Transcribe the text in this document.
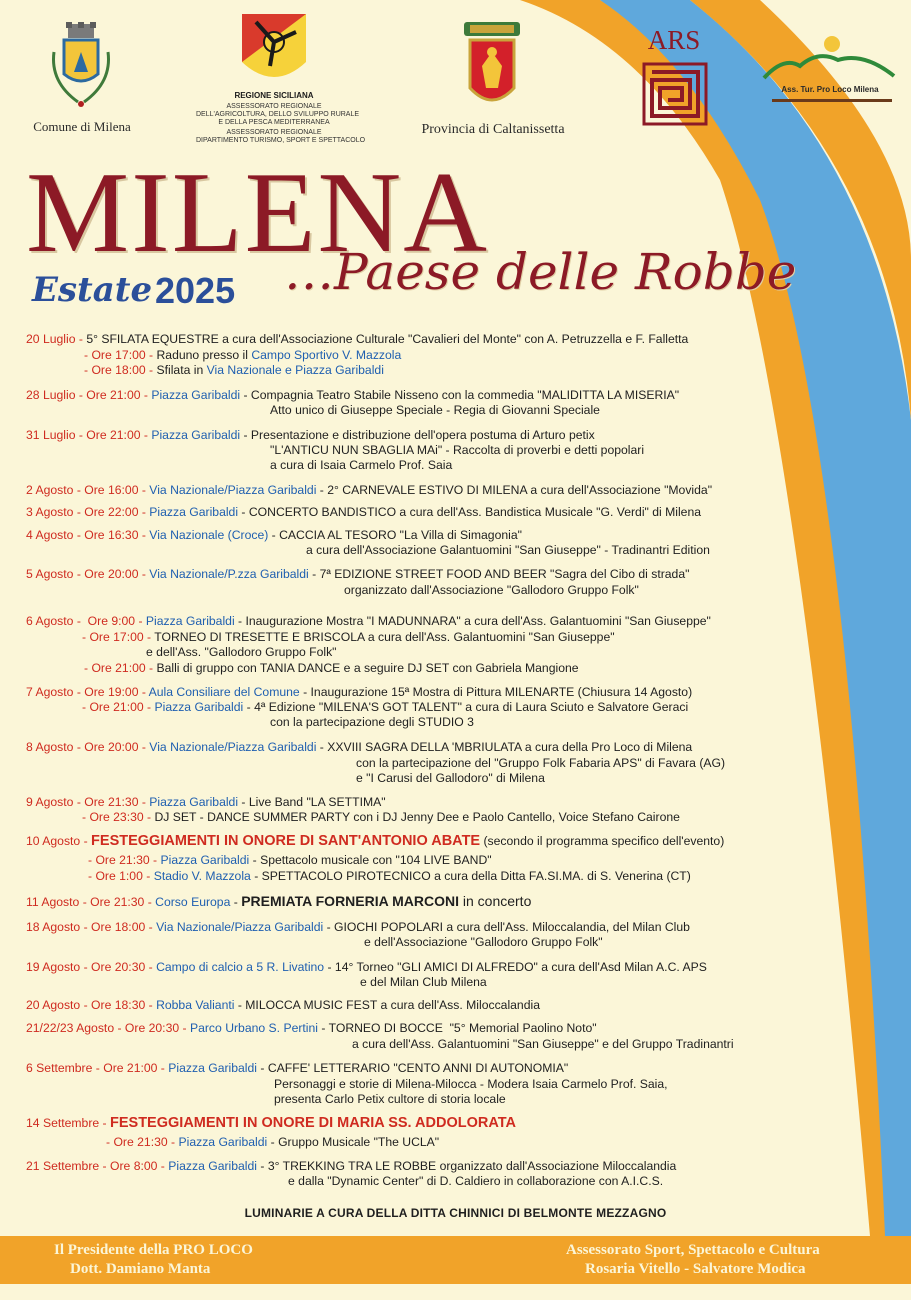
Comune di Milena
REGIONE SICILIANA
ASSESSORATO REGIONALE
DELL'AGRICOLTURA, DELLO SVILUPPO RURALE
E DELLA PESCA MEDITERRANEA
ASSESSORATO REGIONALE
DIPARTIMENTO TURISMO, SPORT E SPETTACOLO
Provincia di Caltanissetta
ARS
Ass. Tur. Pro Loco Milena
MILENA
Estate 2025 …Paese delle Robbe
20 Luglio - 5° SFILATA EQUESTRE a cura dell'Associazione Culturale "Cavalieri del Monte" con A. Petruzzella e F. Falletta
- Ore 17:00 - Raduno presso il Campo Sportivo V. Mazzola
- Ore 18:00 - Sfilata in Via Nazionale e Piazza Garibaldi
28 Luglio - Ore 21:00 - Piazza Garibaldi - Compagnia Teatro Stabile Nisseno con la commedia "MALIDITTA LA MISERIA"
Atto unico di Giuseppe Speciale - Regia di Giovanni Speciale
31 Luglio - Ore 21:00 - Piazza Garibaldi - Presentazione e distribuzione dell'opera postuma di Arturo petix
"L'ANTICU NUN SBAGLIA MAi" - Raccolta di proverbi e detti popolari
a cura di Isaia Carmelo Prof. Saia
2 Agosto - Ore 16:00 - Via Nazionale/Piazza Garibaldi - 2° CARNEVALE ESTIVO DI MILENA a cura dell'Associazione "Movida"
3 Agosto - Ore 22:00 - Piazza Garibaldi - CONCERTO BANDISTICO a cura dell'Ass. Bandistica Musicale "G. Verdi" di Milena
4 Agosto - Ore 16:30 - Via Nazionale (Croce) - CACCIA AL TESORO "La Villa di Simagonia"
a cura dell'Associazione Galantuomini "San Giuseppe" - Tradinantri Edition
5 Agosto - Ore 20:00 - Via Nazionale/P.zza Garibaldi - 7ª EDIZIONE STREET FOOD AND BEER "Sagra del Cibo di strada"
organizzato dall'Associazione "Gallodoro Gruppo Folk"
6 Agosto -  Ore 9:00 - Piazza Garibaldi - Inaugurazione Mostra "I MADUNNARA" a cura dell'Ass. Galantuomini "San Giuseppe"
- Ore 17:00 - TORNEO DI TRESETTE E BRISCOLA a cura dell'Ass. Galantuomini "San Giuseppe"
e dell'Ass. "Gallodoro Gruppo Folk"
- Ore 21:00 - Balli di gruppo con TANIA DANCE e a seguire DJ SET con Gabriela Mangione
7 Agosto - Ore 19:00 - Aula Consiliare del Comune - Inaugurazione 15ª Mostra di Pittura MILENARTE (Chiusura 14 Agosto)
- Ore 21:00 - Piazza Garibaldi - 4ª Edizione "MILENA'S GOT TALENT" a cura di Laura Sciuto e Salvatore Geraci
con la partecipazione degli STUDIO 3
8 Agosto - Ore 20:00 - Via Nazionale/Piazza Garibaldi - XXVIII SAGRA DELLA 'MBRIULATA a cura della Pro Loco di Milena
con la partecipazione del "Gruppo Folk Fabaria APS" di Favara (AG)
e "I Carusi del Gallodoro" di Milena
9 Agosto - Ore 21:30 - Piazza Garibaldi - Live Band "LA SETTIMA"
- Ore 23:30 - DJ SET - DANCE SUMMER PARTY con i DJ Jenny Dee e Paolo Cantello, Voice Stefano Cairone
10 Agosto - FESTEGGIAMENTI IN ONORE DI SANT'ANTONIO ABATE (secondo il programma specifico dell'evento)
- Ore 21:30 - Piazza Garibaldi - Spettacolo musicale con "104 LIVE BAND"
- Ore 1:00 - Stadio V. Mazzola - SPETTACOLO PIROTECNICO a cura della Ditta FA.SI.MA. di S. Venerina (CT)
11 Agosto - Ore 21:30 - Corso Europa - PREMIATA FORNERIA MARCONI in concerto
18 Agosto - Ore 18:00 - Via Nazionale/Piazza Garibaldi - GIOCHI POPOLARI a cura dell'Ass. Miloccalandia, del Milan Club
e dell'Associazione "Gallodoro Gruppo Folk"
19 Agosto - Ore 20:30 - Campo di calcio a 5 R. Livatino - 14° Torneo "GLI AMICI DI ALFREDO" a cura dell'Asd Milan A.C. APS
e del Milan Club Milena
20 Agosto - Ore 18:30 - Robba Valianti - MILOCCA MUSIC FEST a cura dell'Ass. Miloccalandia
21/22/23 Agosto - Ore 20:30 - Parco Urbano S. Pertini - TORNEO DI BOCCE  "5° Memorial Paolino Noto"
a cura dell'Ass. Galantuomini "San Giuseppe" e del Gruppo Tradinantri
6 Settembre - Ore 21:00 - Piazza Garibaldi - CAFFE' LETTERARIO "CENTO ANNI DI AUTONOMIA"
Personaggi e storie di Milena-Milocca - Modera Isaia Carmelo Prof. Saia,
presenta Carlo Petix cultore di storia locale
14 Settembre - FESTEGGIAMENTI IN ONORE DI MARIA SS. ADDOLORATA
- Ore 21:30 - Piazza Garibaldi - Gruppo Musicale "The UCLA"
21 Settembre - Ore 8:00 - Piazza Garibaldi - 3° TREKKING TRA LE ROBBE organizzato dall'Associazione Miloccalandia
e dalla "Dynamic Center" di D. Caldiero in collaborazione con A.I.C.S.
LUMINARIE A CURA DELLA DITTA CHINNICI DI BELMONTE MEZZAGNO
Il Presidente della PRO LOCO
Dott. Damiano Manta
Assessorato Sport, Spettacolo e Cultura
Rosaria Vitello - Salvatore Modica
